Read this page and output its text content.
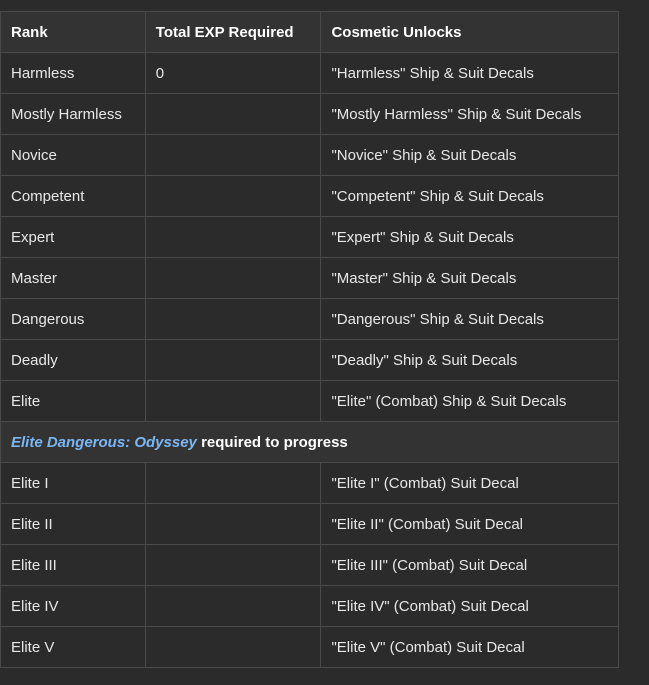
Rank	Total EXP Required	Cosmetic Unlocks
Harmless	0	"Harmless" Ship & Suit Decals
Mostly Harmless		"Mostly Harmless" Ship & Suit Decals
Novice		"Novice" Ship & Suit Decals
Competent		"Competent" Ship & Suit Decals
Expert		"Expert" Ship & Suit Decals
Master		"Master" Ship & Suit Decals
Dangerous		"Dangerous" Ship & Suit Decals
Deadly		"Deadly" Ship & Suit Decals
Elite		"Elite" (Combat) Ship & Suit Decals
Elite Dangerous: Odyssey required to progress		
Elite I		"Elite I" (Combat) Suit Decal
Elite II		"Elite II" (Combat) Suit Decal
Elite III		"Elite III" (Combat) Suit Decal
Elite IV		"Elite IV" (Combat) Suit Decal
Elite V		"Elite V" (Combat) Suit Decal
